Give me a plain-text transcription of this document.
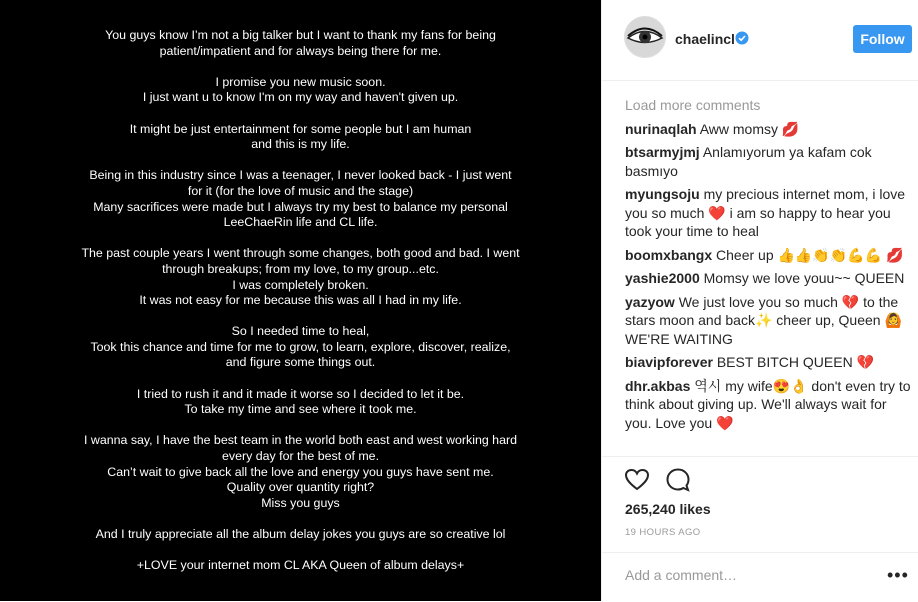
You guys know I’m not a big talker but I want to thank my fans for being
patient/impatient and for always being there for me.
I promise you new music soon.
I just want u to know I'm on my way and haven't given up.
It might be just entertainment for some people but I am human
and this is my life.
Being in this industry since I was a teenager, I never looked back - I just went
for it (for the love of music and the stage)
Many sacrifices were made but I always try my best to balance my personal
LeeChaeRin life and CL life.
The past couple years I went through some changes, both good and bad. I went
through breakups; from my love, to my group...etc.
I was completely broken.
It was not easy for me because this was all I had in my life.
So I needed time to heal,
Took this chance and time for me to grow, to learn, explore, discover, realize,
and figure some things out.
I tried to rush it and it made it worse so I decided to let it be.
To take my time and see where it took me.
I wanna say, I have the best team in the world both east and west working hard
every day for the best of me.
Can’t wait to give back all the love and energy you guys have sent me.
Quality over quantity right?
Miss you guys
And I truly appreciate all the album delay jokes you guys are so creative lol
+LOVE your internet mom CL AKA Queen of album delays+
chaelincl	Follow
Load more comments
nurinaqlah Aww momsy 💋
btsarmyjmj Anlamıyorum ya kafam cok basmıyo
myungsoju my precious internet mom, i love you so much ❤️ i am so happy to hear you took your time to heal
boomxbangx Cheer up 👍👍👏👏💪💪 💋
yashie2000 Momsy we love youu~~ QUEEN
yazyow We just love you so much 💔 to the stars moon and back✨ cheer up, Queen 🙆 WE'RE WAITING
biavipforever BEST BITCH QUEEN 💔
dhr.akbas 역시 my wife😍👌 don't even try to think about giving up. We'll always wait for you. Love you ❤️
265,240 likes
19 HOURS AGO
Add a comment…	•••
